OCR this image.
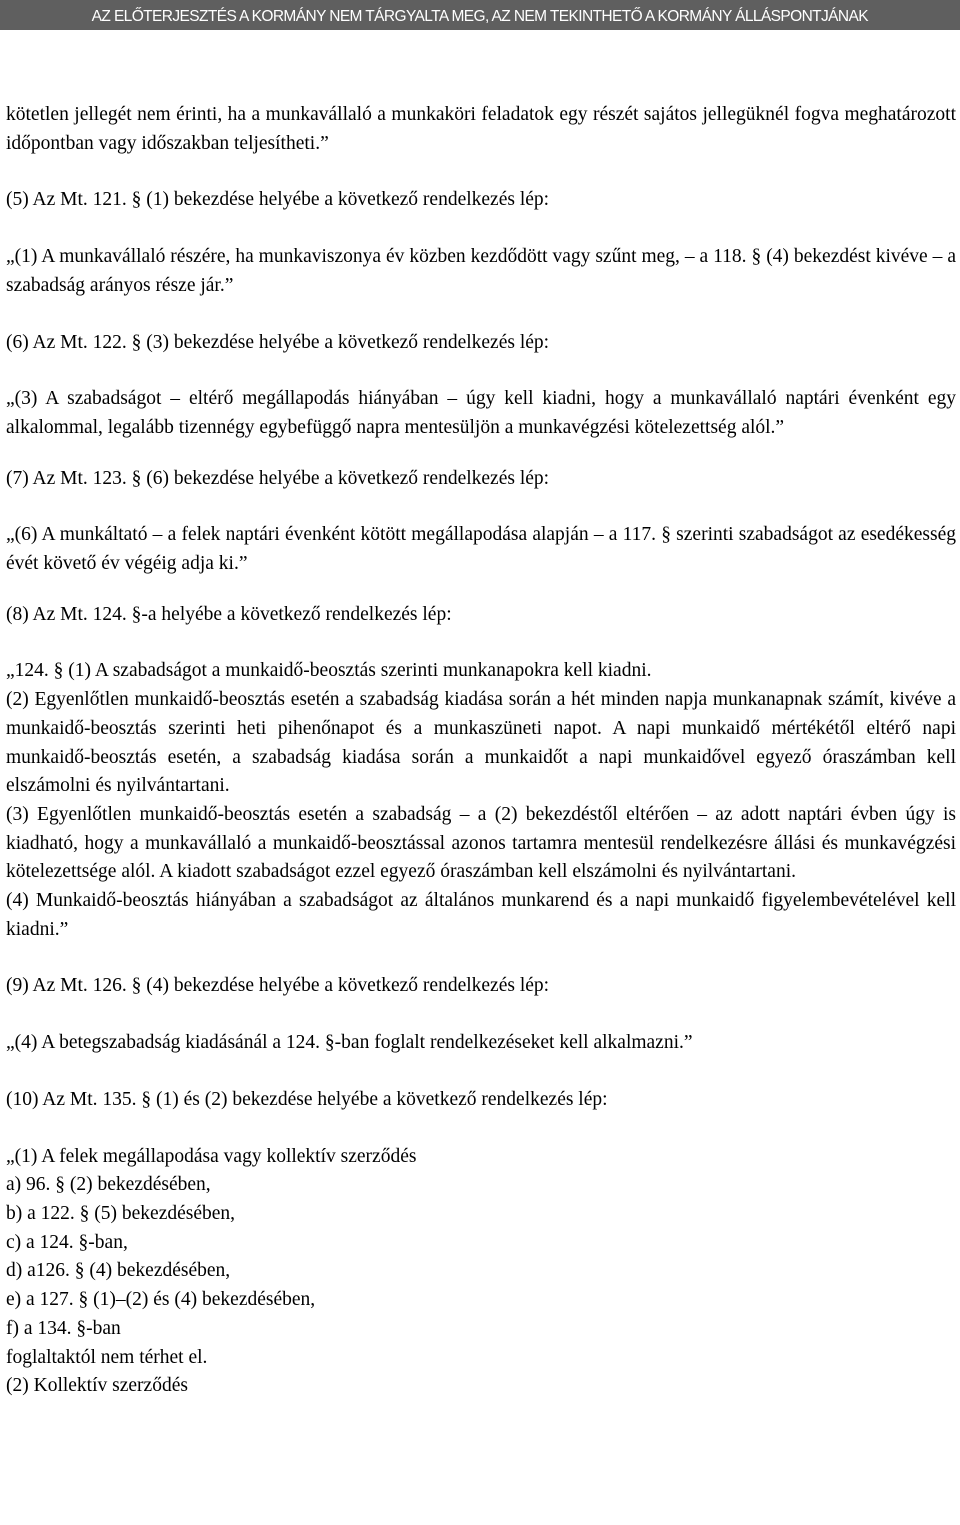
AZ ELŐTERJESZTÉS A KORMÁNY NEM TÁRGYALTA MEG, AZ NEM TEKINTHETŐ A KORMÁNY ÁLLÁSPONTJÁNAK

kötetlen jellegét nem érinti, ha a munkavállaló a munkaköri feladatok egy részét sajátos jellegüknél fogva meghatározott időpontban vagy időszakban teljesítheti.”

(5) Az Mt. 121. § (1) bekezdése helyébe a következő rendelkezés lép:

„(1) A munkavállaló részére, ha munkaviszonya év közben kezdődött vagy szűnt meg, – a 118. § (4) bekezdést kivéve – a szabadság arányos része jár.”

(6) Az Mt. 122. § (3) bekezdése helyébe a következő rendelkezés lép:

„(3) A szabadságot – eltérő megállapodás hiányában – úgy kell kiadni, hogy a munkavállaló naptári évenként egy alkalommal, legalább tizennégy egybefüggő napra mentesüljön a munkavégzési kötelezettség alól.”

(7) Az Mt. 123. § (6) bekezdése helyébe a következő rendelkezés lép:

„(6) A munkáltató – a felek naptári évenként kötött megállapodása alapján – a 117. § szerinti szabadságot az esedékesség évét követő év végéig adja ki.”

(8) Az Mt. 124. §-a helyébe a következő rendelkezés lép:

„124. § (1) A szabadságot a munkaidő-beosztás szerinti munkanapokra kell kiadni.

(2) Egyenlőtlen munkaidő-beosztás esetén a szabadság kiadása során a hét minden napja munkanapnak számít, kivéve a munkaidő-beosztás szerinti heti pihenőnapot és a munkaszüneti napot. A napi munkaidő mértékétől eltérő napi munkaidő-beosztás esetén, a szabadság kiadása során a munkaidőt a napi munkaidővel egyező óraszámban kell elszámolni és nyilvántartani.

(3) Egyenlőtlen munkaidő-beosztás esetén a szabadság – a (2) bekezdéstől eltérően – az adott naptári évben úgy is kiadható, hogy a munkavállaló a munkaidő-beosztással azonos tartamra mentesül rendelkezésre állási és munkavégzési kötelezettsége alól. A kiadott szabadságot ezzel egyező óraszámban kell elszámolni és nyilvántartani.

(4) Munkaidő-beosztás hiányában a szabadságot az általános munkarend és a napi munkaidő figyelembevételével kell kiadni.”

(9) Az Mt. 126. § (4) bekezdése helyébe a következő rendelkezés lép:

„(4) A betegszabadság kiadásánál a 124. §-ban foglalt rendelkezéseket kell alkalmazni.”

(10) Az Mt. 135. § (1) és (2) bekezdése helyébe a következő rendelkezés lép:

„(1) A felek megállapodása vagy kollektív szerződés
a) 96. § (2) bekezdésében,
b) a 122. § (5) bekezdésében,
c) a 124. §-ban,
d) a126. § (4) bekezdésében,
e) a 127. § (1)–(2) és (4) bekezdésében,
f) a 134. §-ban
foglaltaktól nem térhet el.
(2) Kollektív szerződés
